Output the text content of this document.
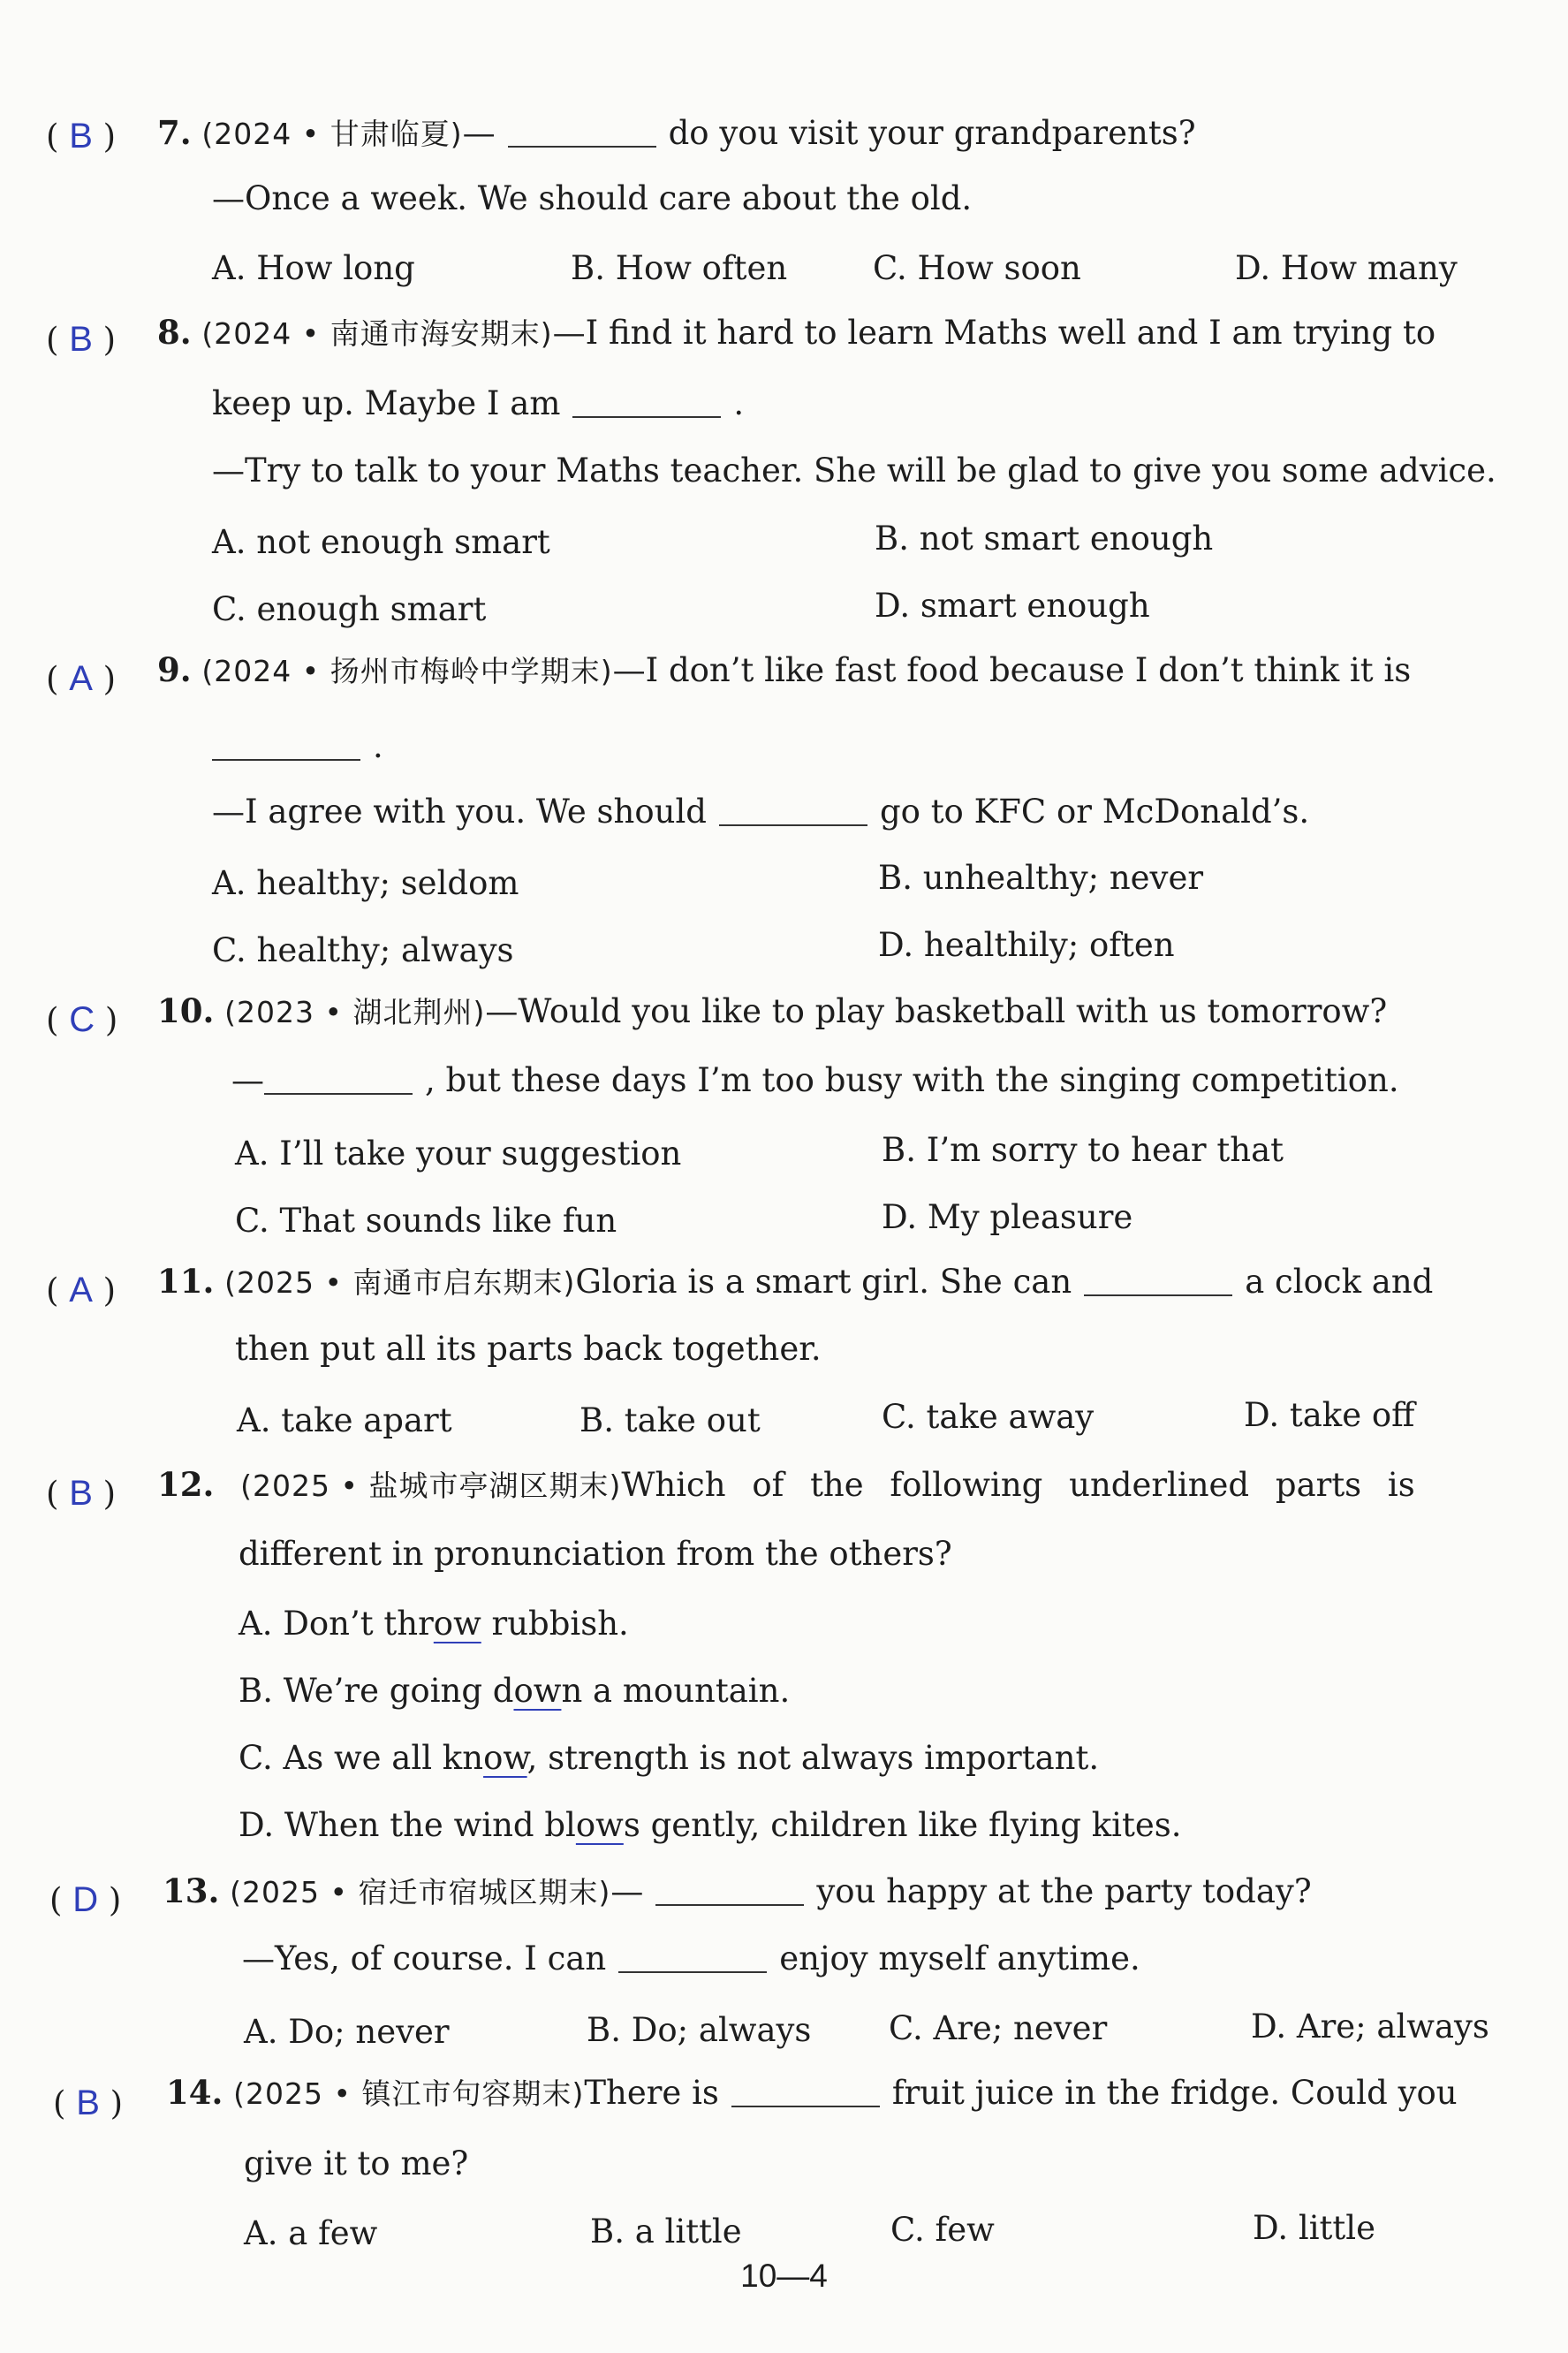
( B ) 7. (2024 • 甘肃临夏)—	do you visit your grandparents?
—Once a week. We should care about the old.
A. How long	B. How often	C. How soon	D. How many
( B ) 8. (2024 • 南通市海安期末)—I find it hard to learn Maths well and I am trying to
keep up. Maybe I am	.
—Try to talk to your Maths teacher. She will be glad to give you some advice.
A. not enough smart	B. not smart enough
C. enough smart	D. smart enough
( A ) 9. (2024 • 扬州市梅岭中学期末)—I don’t like fast food because I don’t think it is
.
—I agree with you. We should	go to KFC or McDonald’s.
A. healthy; seldom	B. unhealthy; never
C. healthy; always	D. healthily; often
( C ) 10. (2023 • 湖北荆州)—Would you like to play basketball with us tomorrow?
—	, but these days I’m too busy with the singing competition.
A. I’ll take your suggestion	B. I’m sorry to hear that
C. That sounds like fun	D. My pleasure
( A ) 11. (2025 • 南通市启东期末)Gloria is a smart girl. She can	a clock and
then put all its parts back together.
A. take apart	B. take out	C. take away	D. take off
( B ) 12. (2025 • 盐城市亭湖区期末)Which of the following underlined parts is
different in pronunciation from the others?
A. Don’t throw rubbish.
B. We’re going down a mountain.
C. As we all know, strength is not always important.
D. When the wind blows gently, children like flying kites.
( D ) 13. (2025 • 宿迁市宿城区期末)—	you happy at the party today?
—Yes, of course. I can	enjoy myself anytime.
A. Do; never	B. Do; always C. Are; never	D. Are; always
( B ) 14. (2025 • 镇江市句容期末)There is	fruit juice in the fridge. Could you
give it to me?
A. a few	B. a little	C. few	D. little
10—4
